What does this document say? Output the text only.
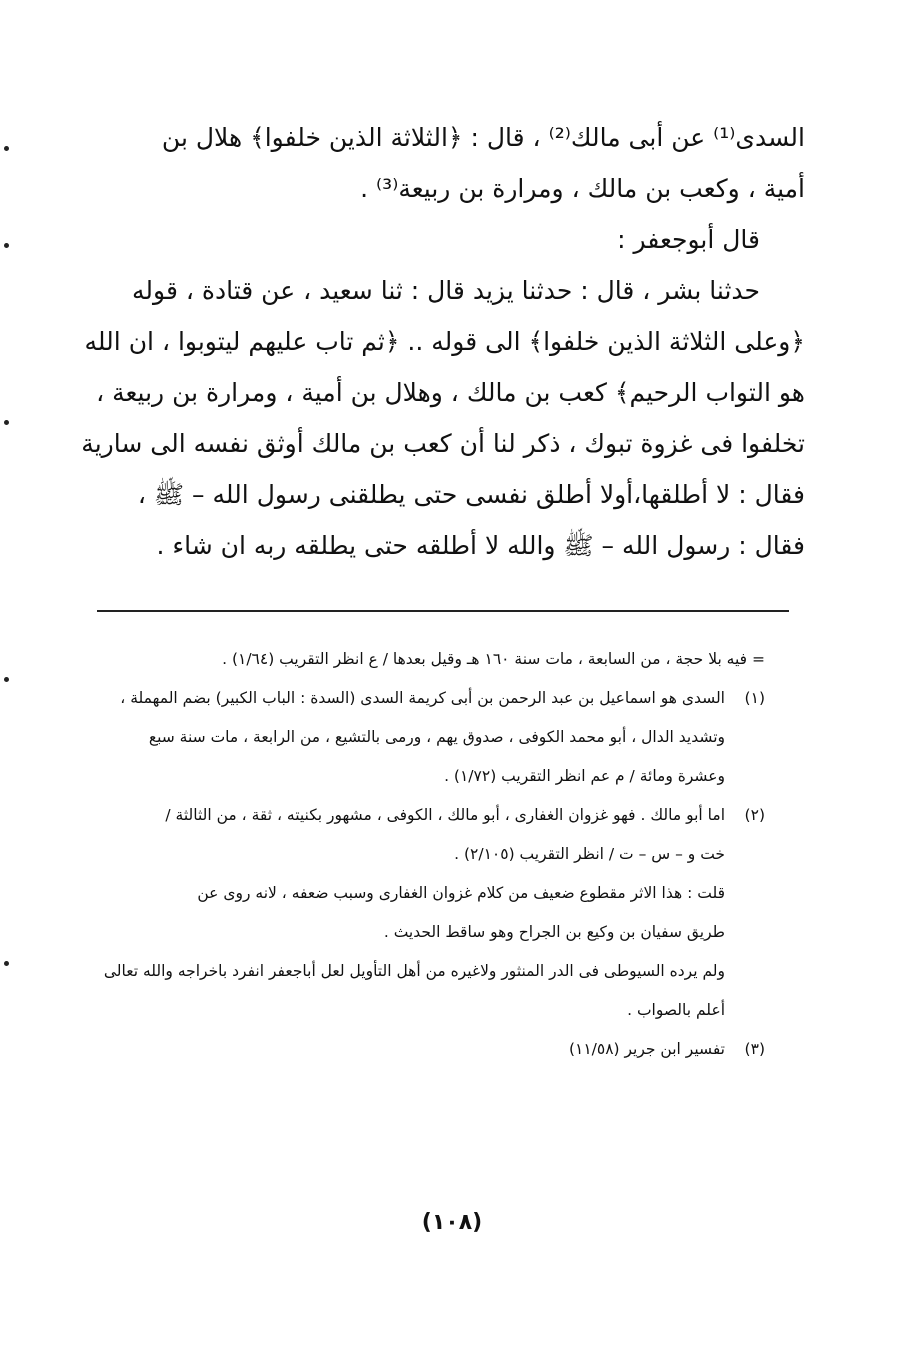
السدى⁽¹⁾ عن أبى مالك⁽²⁾ ، قال : ﴿الثلاثة الذين خلفوا﴾ هلال بن
أمية ، وكعب بن مالك ، ومرارة بن ربيعة⁽³⁾ .
قال أبوجعفر :
حدثنا بشر ، قال : حدثنا يزيد قال : ثنا سعيد ، عن قتادة ، قوله
﴿وعلى الثلاثة الذين خلفوا﴾ الى قوله .. ﴿ثم تاب عليهم ليتوبوا ، ان الله
هو التواب الرحيم﴾ كعب بن مالك ، وهلال بن أمية ، ومرارة بن ربيعة ،
تخلفوا فى غزوة تبوك ، ذكر لنا أن كعب بن مالك أوثق نفسه الى سارية
فقال : لا أطلقها،أولا أطلق نفسى حتى يطلقنى رسول الله – ﷺ ،
فقال : رسول الله – ﷺ والله لا أطلقه حتى يطلقه ربه ان شاء .
= فيه بلا حجة ، من السابعة ، مات سنة ١٦٠ هـ وقيل بعدها / ع انظر التقريب (١/٦٤) .
(١)السدى هو اسماعيل بن عبد الرحمن بن أبى كريمة السدى (السدة : الباب الكبير) بضم المهملة ،
وتشديد الدال ، أبو محمد الكوفى ، صدوق يهم ، ورمى بالتشيع ، من الرابعة ، مات سنة سبع
وعشرة ومائة / م عم انظر التقريب (١/٧٢) .
(٢)اما أبو مالك . فهو غزوان الغفارى ، أبو مالك ، الكوفى ، مشهور بكنيته ، ثقة ، من الثالثة /
خت و – س – ت / انظر التقريب (٢/١٠٥) .
قلت : هذا الاثر مقطوع ضعيف من كلام غزوان الغفارى وسبب ضعفه ، لانه روى عن
طريق سفيان بن وكيع بن الجراح وهو ساقط الحديث .
ولم يرده السيوطى فى الدر المنثور ولاغيره من أهل التأويل لعل أباجعفر انفرد باخراجه والله تعالى
أعلم بالصواب .
(٣)تفسير ابن جرير (١١/٥٨)
(١٠٨)
